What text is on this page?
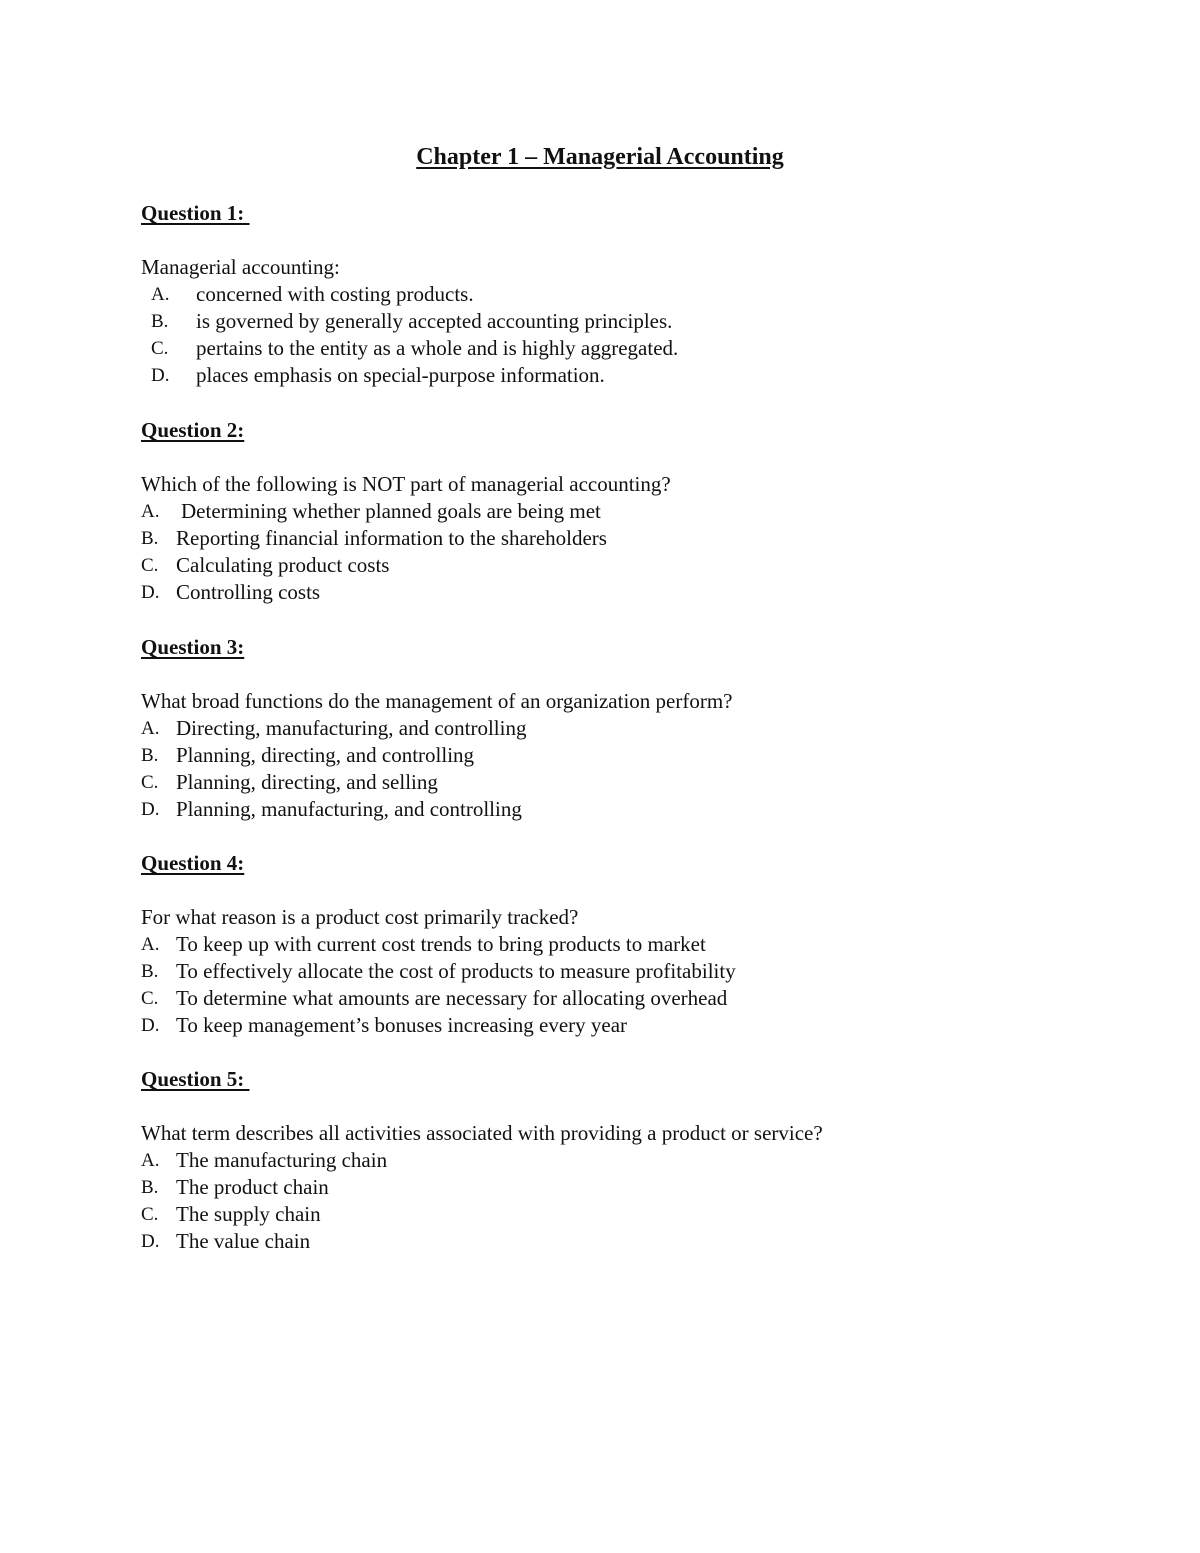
Chapter 1 – Managerial Accounting
Question 1:
Managerial accounting:
A.	concerned with costing products.
B.	is governed by generally accepted accounting principles.
C.	pertains to the entity as a whole and is highly aggregated.
D.	places emphasis on special-purpose information.
Question 2:
Which of the following is NOT part of managerial accounting?
A.	Determining whether planned goals are being met
B. Reporting financial information to the shareholders
C. Calculating product costs
D. Controlling costs
Question 3:
What broad functions do the management of an organization perform?
A. Directing, manufacturing, and controlling
B. Planning, directing, and controlling
C. Planning, directing, and selling
D. Planning, manufacturing, and controlling
Question 4:
For what reason is a product cost primarily tracked?
A. To keep up with current cost trends to bring products to market
B. To effectively allocate the cost of products to measure profitability
C. To determine what amounts are necessary for allocating overhead
D. To keep management’s bonuses increasing every year
Question 5:
What term describes all activities associated with providing a product or service?
A. The manufacturing chain
B. The product chain
C. The supply chain
D. The value chain
